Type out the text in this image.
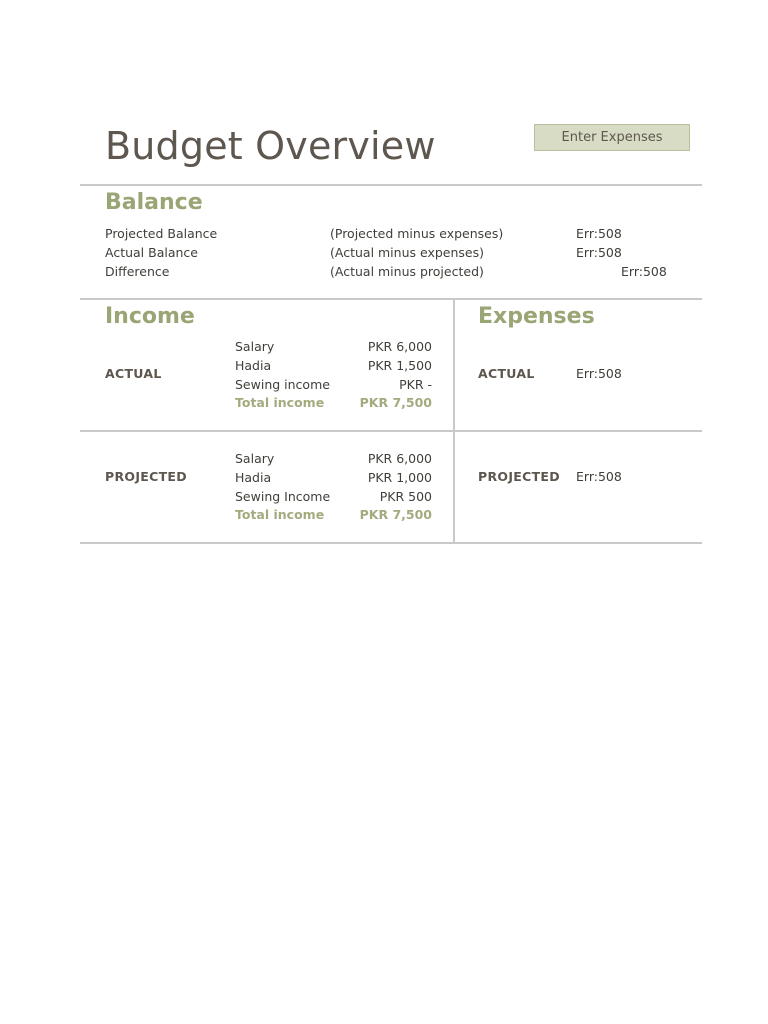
Budget Overview	Enter Expenses
Balance
Projected Balance	(Projected minus expenses)	Err:508
Actual Balance	(Actual minus expenses)	Err:508
Difference	(Actual minus projected)	Err:508
Income
ACTUAL
Salary	PKR 6,000
Hadia	PKR 1,500
Sewing income	PKR -
Total income	PKR 7,500
Expenses
ACTUAL	Err:508
PROJECTED
Salary	PKR 6,000
Hadia	PKR 1,000
Sewing Income	PKR 500
Total income	PKR 7,500
PROJECTED Err:508
